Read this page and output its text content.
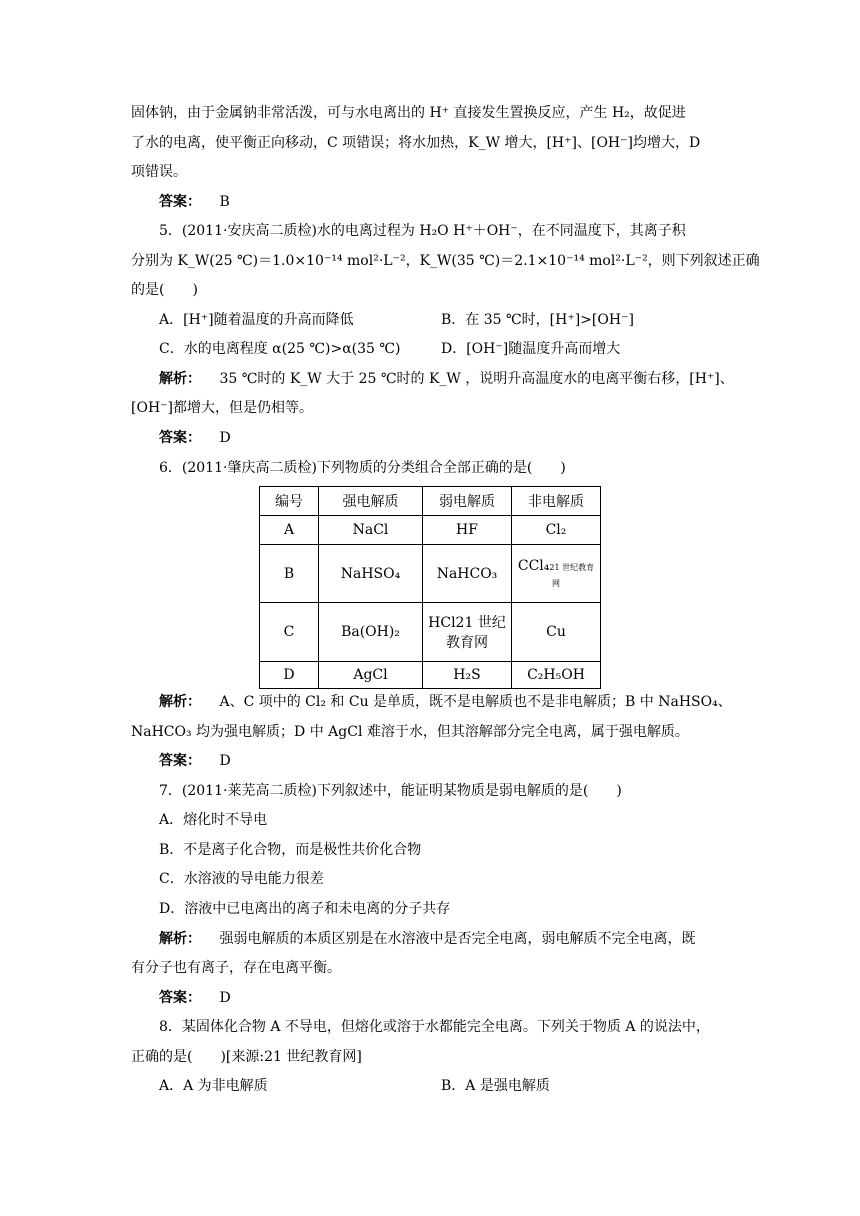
固体钠，由于金属钠非常活泼，可与水电离出的 H⁺ 直接发生置换反应，产生 H₂，故促进
了水的电离，使平衡正向移动，C 项错误；将水加热，K_W 增大，[H⁺]、[OH⁻]均增大，D
项错误。
答案： B
5．(2011·安庆高二质检)水的电离过程为 H₂O H⁺＋OH⁻，在不同温度下，其离子积
分别为 K_W(25 ℃)＝1.0×10⁻¹⁴ mol²·L⁻²，K_W(35 ℃)＝2.1×10⁻¹⁴ mol²·L⁻²，则下列叙述正确
的是(　　)
A．[H⁺]随着温度的升高而降低	B．在 35 ℃时，[H⁺]>[OH⁻]
C．水的电离程度 α(25 ℃)>α(35 ℃)	D．[OH⁻]随温度升高而增大
解析： 35 ℃时的 K_W 大于 25 ℃时的 K_W ，说明升高温度水的电离平衡右移，[H⁺]、
[OH⁻]都增大，但是仍相等。
答案： D
6．(2011·肇庆高二质检)下列物质的分类组合全部正确的是(　　)
编号	强电解质	弱电解质	非电解质
A	NaCl	HF	Cl₂
B	NaHSO₄	NaHCO₃	CCl₄21 世纪教育
网
C	Ba(OH)₂	HCl21 世纪
教育网	Cu
D	AgCl	H₂S	C₂H₅OH
解析： A、C 项中的 Cl₂ 和 Cu 是单质，既不是电解质也不是非电解质；B 中 NaHSO₄、
NaHCO₃ 均为强电解质；D 中 AgCl 难溶于水，但其溶解部分完全电离，属于强电解质。
答案： D
7．(2011·莱芜高二质检)下列叙述中，能证明某物质是弱电解质的是(　　)
A．熔化时不导电
B．不是离子化合物，而是极性共价化合物
C．水溶液的导电能力很差
D．溶液中已电离出的离子和未电离的分子共存
解析： 强弱电解质的本质区别是在水溶液中是否完全电离，弱电解质不完全电离，既
有分子也有离子，存在电离平衡。
答案： D
8．某固体化合物 A 不导电，但熔化或溶于水都能完全电离。下列关于物质 A 的说法中，
正确的是(　　)[来源:21 世纪教育网]
A．A 为非电解质	B．A 是强电解质
